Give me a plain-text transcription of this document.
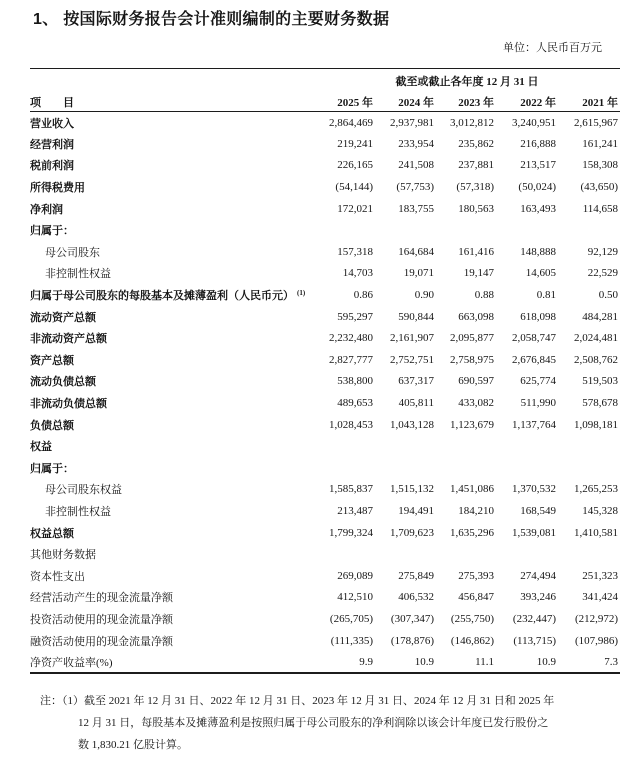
1、 按国际财务报告会计准则编制的主要财务数据
单位：人民币百万元
	截至或截止各年度 12 月 31 日				
项　　目	2025 年	2024 年	2023 年	2022 年	2021 年
营业收入	2,864,469	2,937,981	3,012,812	3,240,951	2,615,967
经营利润	219,241	233,954	235,862	216,888	161,241
税前利润	226,165	241,508	237,881	213,517	158,308
所得税费用	(54,144)	(57,753)	(57,318)	(50,024)	(43,650)
净利润	172,021	183,755	180,563	163,493	114,658
归属于：					
母公司股东	157,318	164,684	161,416	148,888	92,129
非控制性权益	14,703	19,071	19,147	14,605	22,529
归属于母公司股东的每股基本及摊薄盈利（人民币元） $^{(1)}$	0.86	0.90	0.88	0.81	0.50
流动资产总额	595,297	590,844	663,098	618,098	484,281
非流动资产总额	2,232,480	2,161,907	2,095,877	2,058,747	2,024,481
资产总额	2,827,777	2,752,751	2,758,975	2,676,845	2,508,762
流动负债总额	538,800	637,317	690,597	625,774	519,503
非流动负债总额	489,653	405,811	433,082	511,990	578,678
负债总额	1,028,453	1,043,128	1,123,679	1,137,764	1,098,181
权益					
归属于：					
母公司股东权益	1,585,837	1,515,132	1,451,086	1,370,532	1,265,253
非控制性权益	213,487	194,491	184,210	168,549	145,328
权益总额	1,799,324	1,709,623	1,635,296	1,539,081	1,410,581
其他财务数据					
资本性支出	269,089	275,849	275,393	274,494	251,323
经营活动产生的现金流量净额	412,510	406,532	456,847	393,246	341,424
投资活动使用的现金流量净额	(265,705)	(307,347)	(255,750)	(232,447)	(212,972)
融资活动使用的现金流量净额	(111,335)	(178,876)	(146,862)	(113,715)	(107,986)
净资产收益率(%)	9.9	10.9	11.1	10.9	7.3
注：（1）截至 2021 年 12 月 31 日、2022 年 12 月 31 日、2023 年 12 月 31 日、2024 年 12 月 31 日和 2025 年
12 月 31 日，每股基本及摊薄盈利是按照归属于母公司股东的净利润除以该会计年度已发行股份之
数 1,830.21 亿股计算。
